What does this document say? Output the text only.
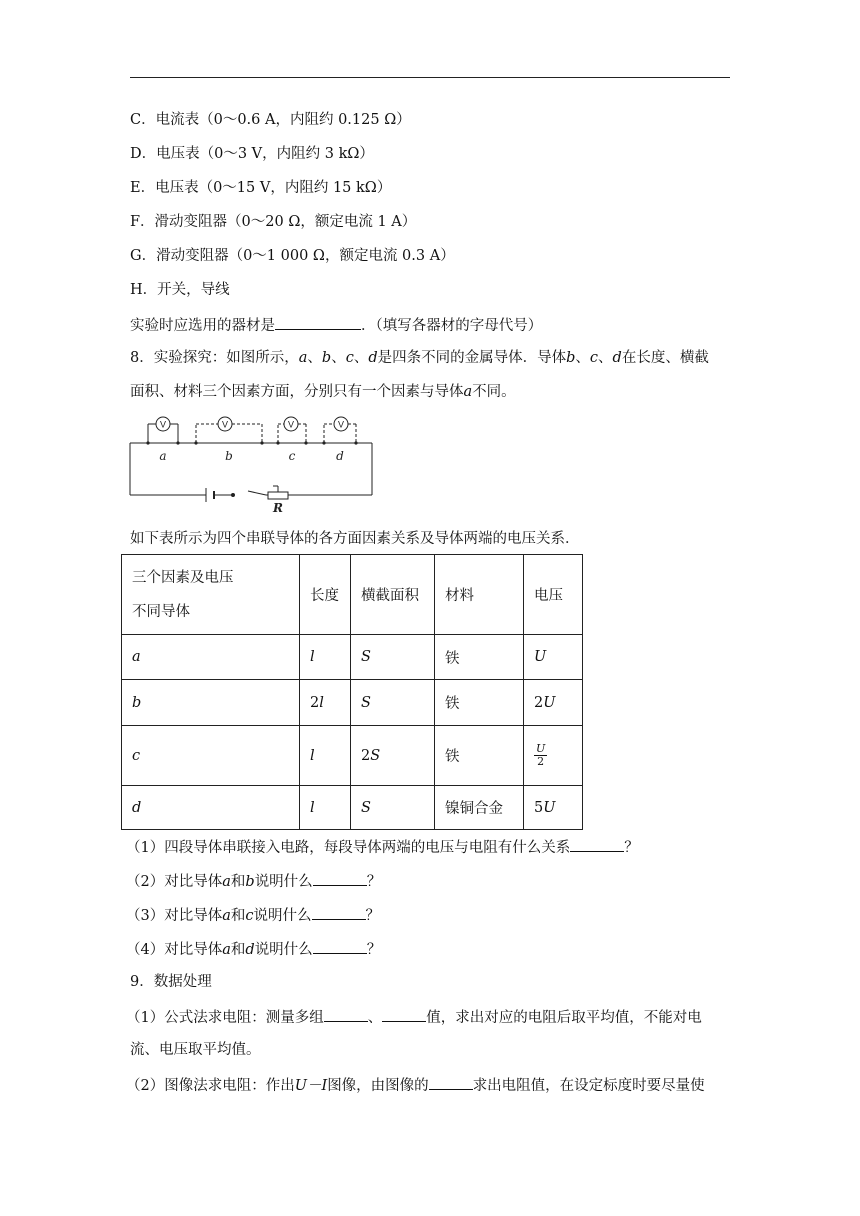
C．电流表（0～0.6 A，内阻约 0.125 Ω）
D．电压表（0～3 V，内阻约 3 kΩ）
E．电压表（0～15 V，内阻约 15 kΩ）
F．滑动变阻器（0～20 Ω，额定电流 1 A）
G．滑动变阻器（0～1 000 Ω，额定电流 0.3 A）
H．开关，导线
实验时应选用的器材是	．（填写各器材的字母代号）
8．实验探究：如图所示，a、b、c、d是四条不同的金属导体．导体b、c、d在长度、横截
面积、材料三个因素方面，分别只有一个因素与导体a不同。
V	V	V	V
a	b	c	d
R
如下表所示为四个串联导体的各方面因素关系及导体两端的电压关系．
三个因素及电压
不同导体	长度	横截面积	材料	电压
a	l	S	铁	U
b	2l	S	铁	2U
c	l	2S	铁	$\frac{U}{2}$

d	l	S	镍铜合金	5U
（1）四段导体串联接入电路，每段导体两端的电压与电阻有什么关系	？
（2）对比导体a和b说明什么	？
（3）对比导体a和c说明什么	？
（4）对比导体a和d说明什么	？
9．数据处理
（1）公式法求电阻：测量多组	、	值，求出对应的电阻后取平均值，不能对电
流、电压取平均值。
（2）图像法求电阻：作出U－I图像，由图像的	求出电阻值，在设定标度时要尽量使
